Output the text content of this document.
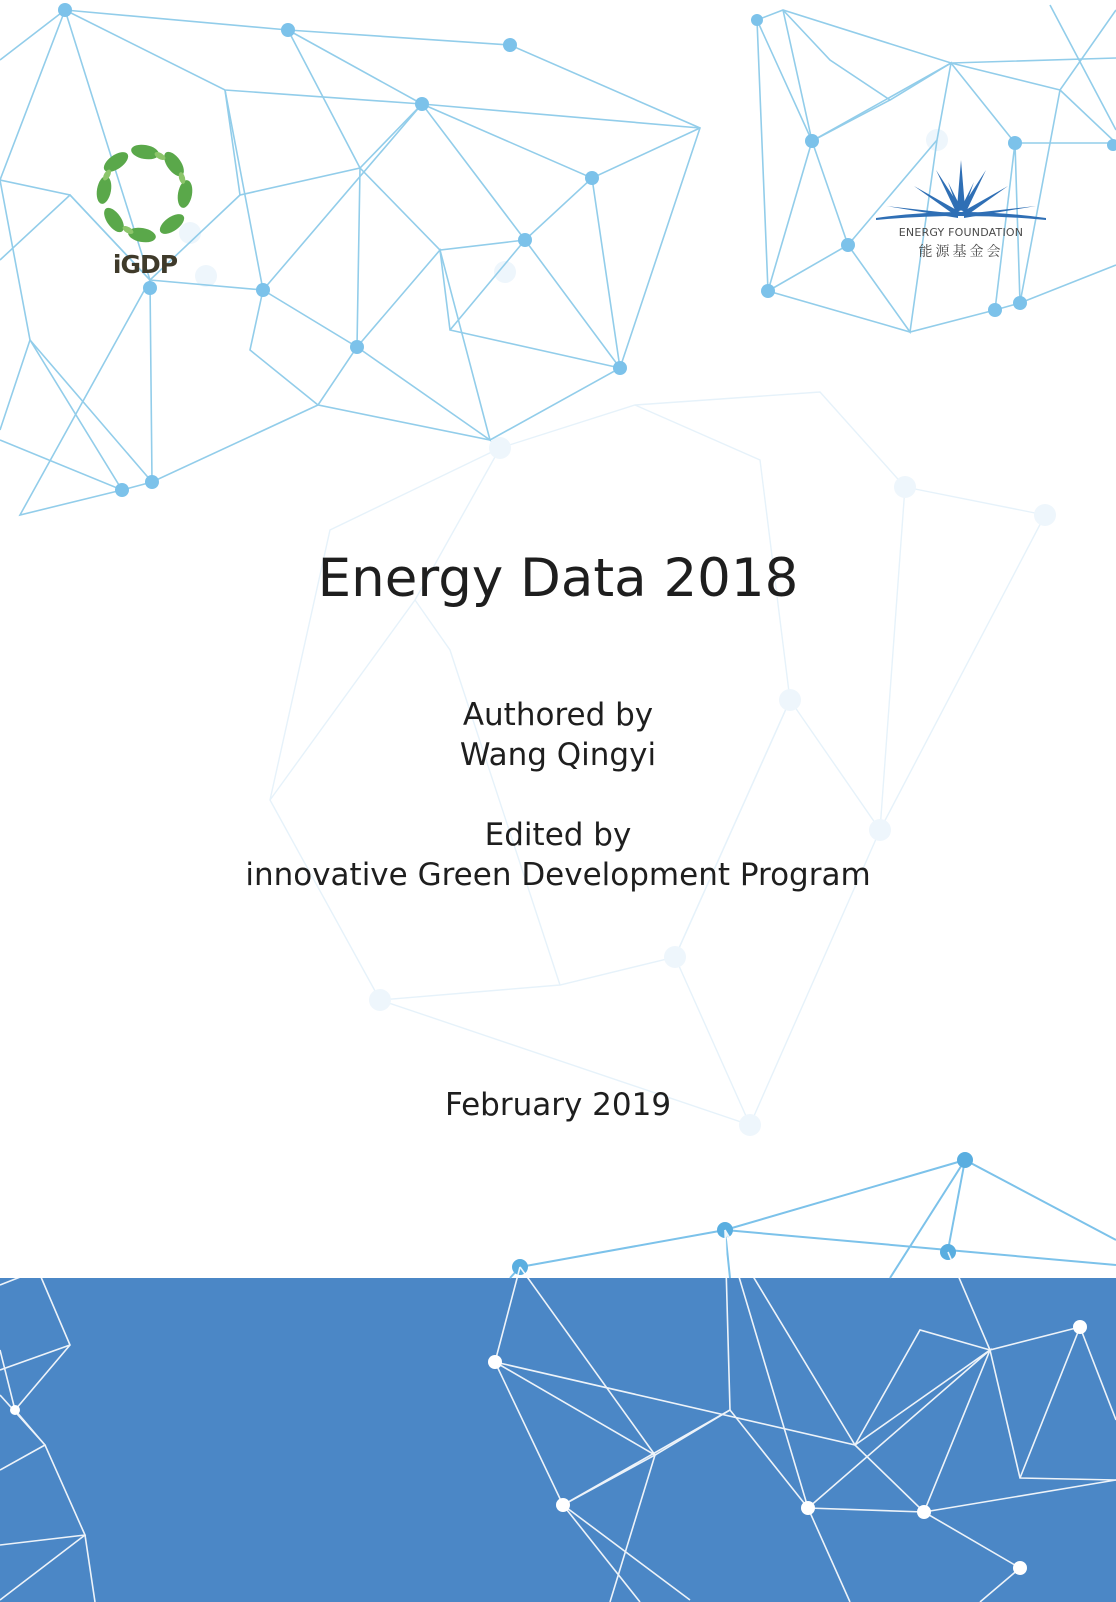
iGDP
ENERGY FOUNDATION
能源基金会
Energy Data 2018
Authored by
Wang Qingyi
Edited by
innovative Green Development Program
February 2019
